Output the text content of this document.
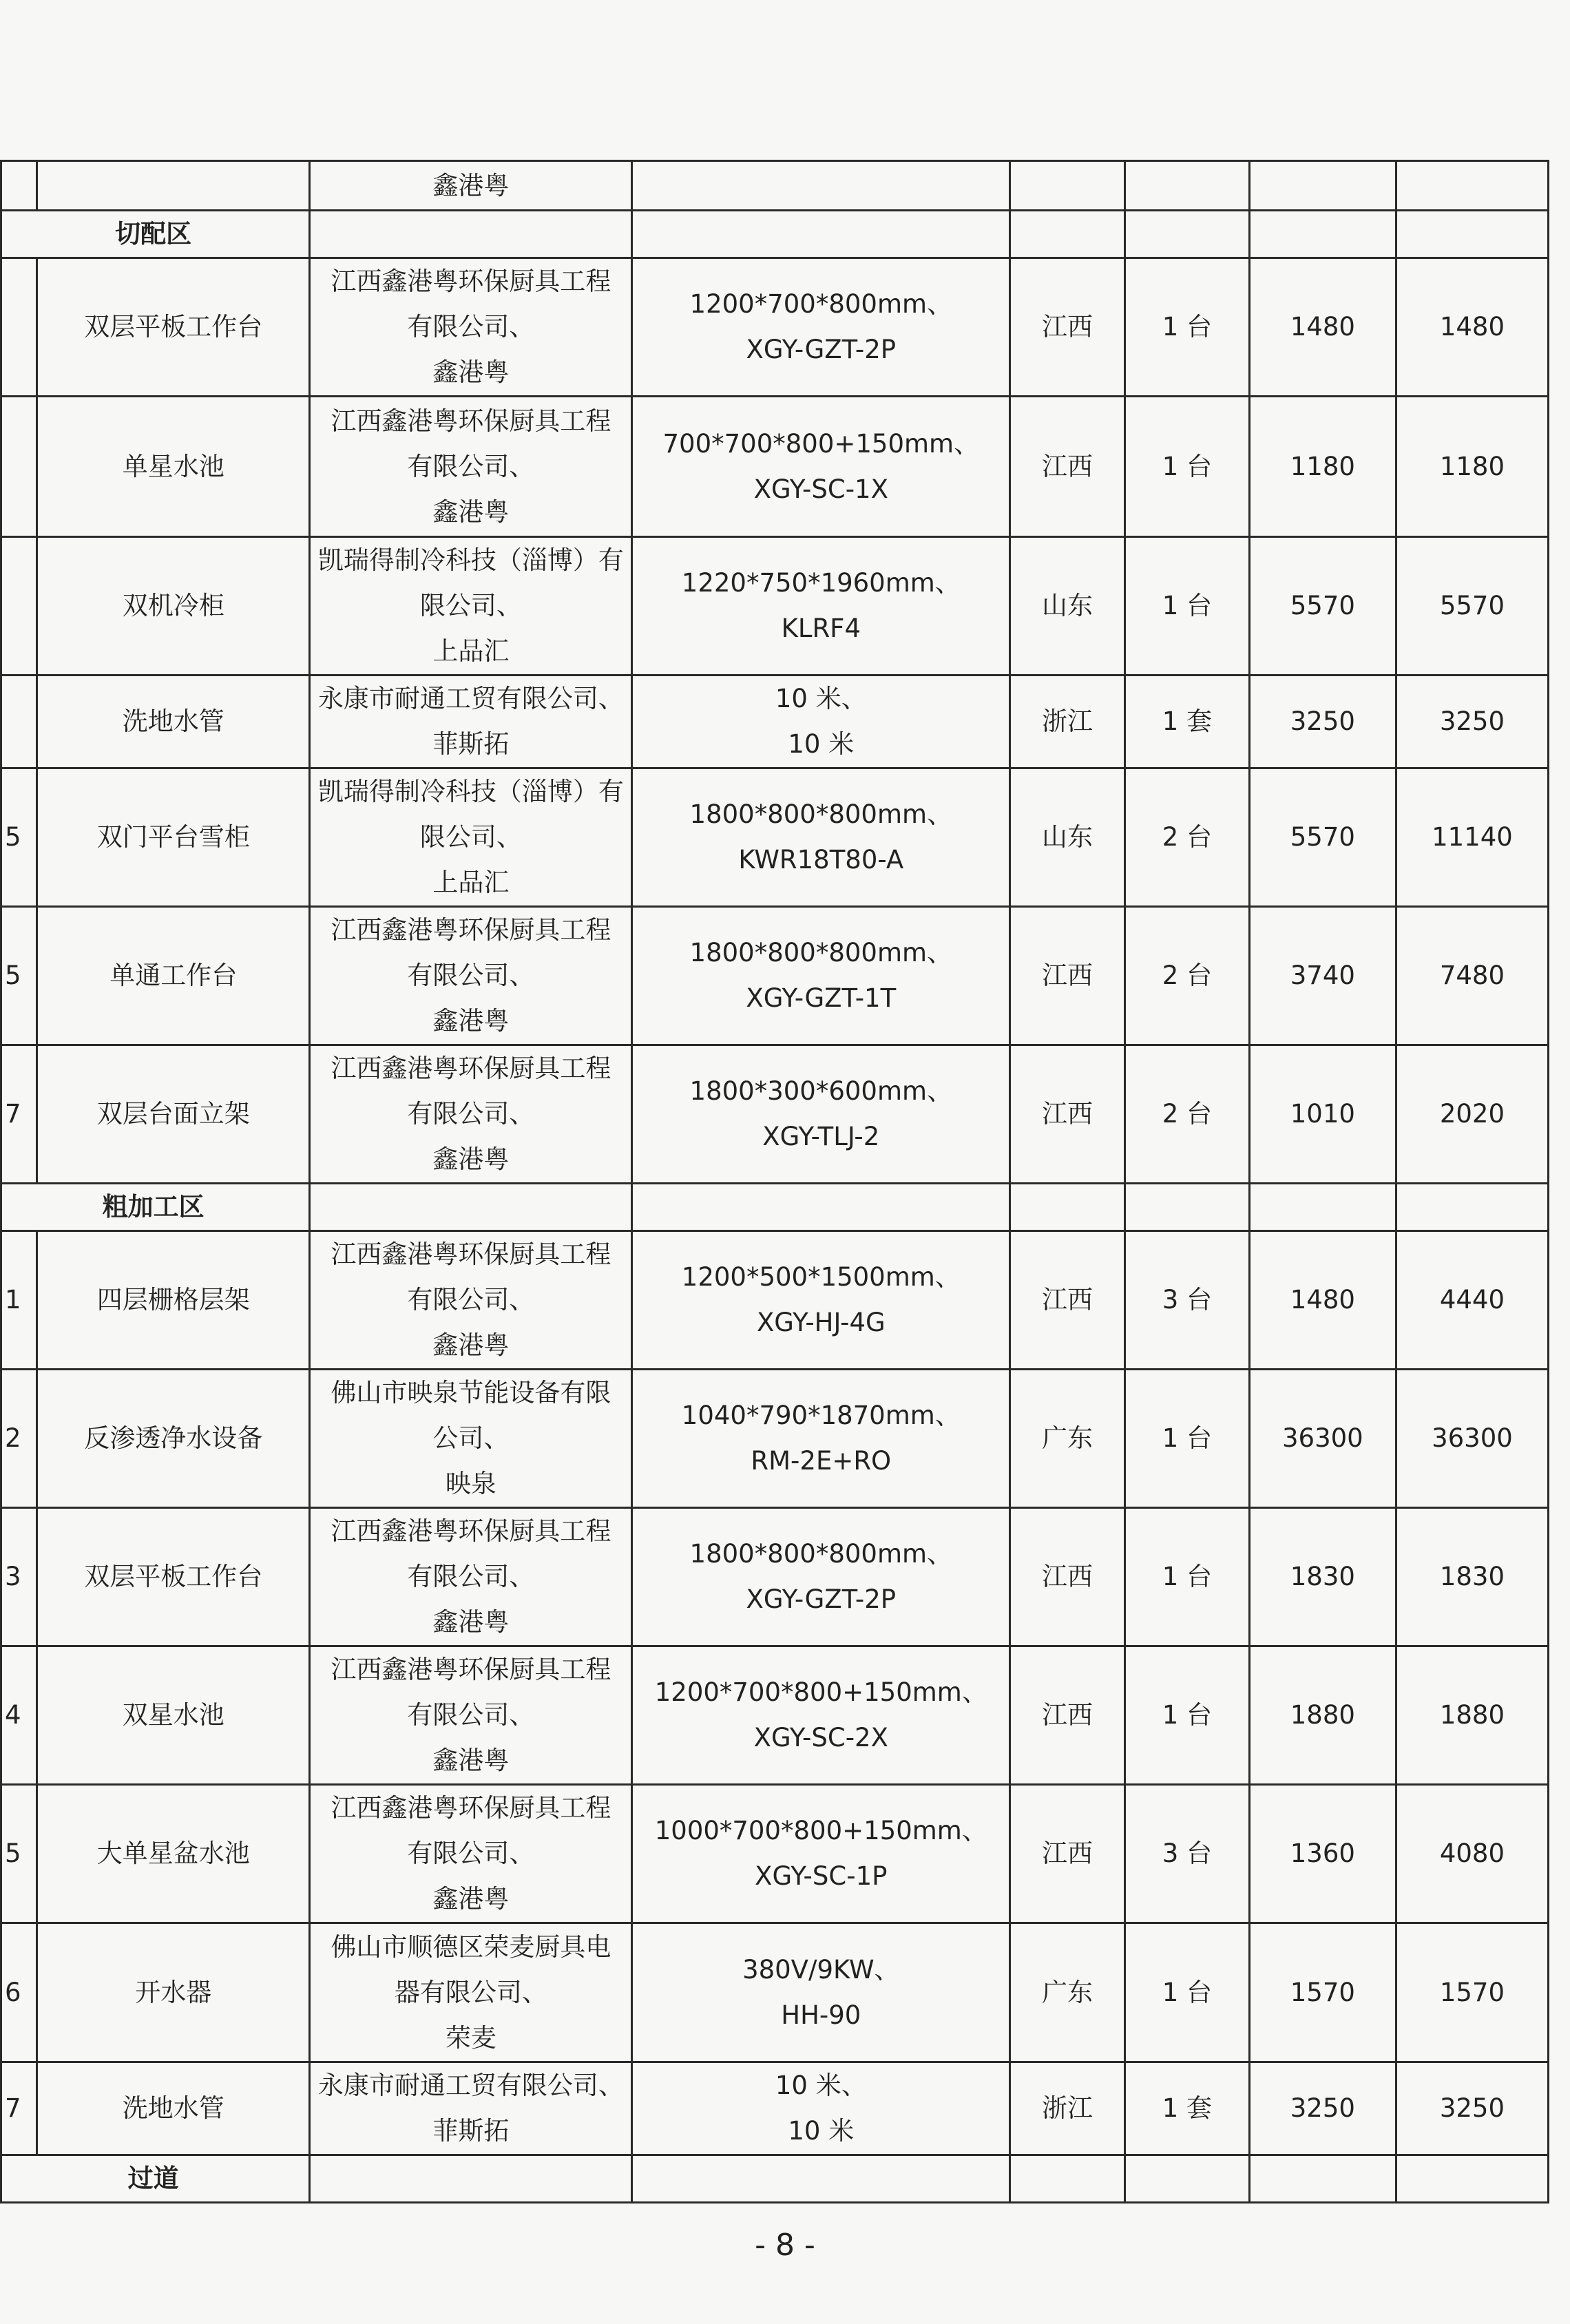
		鑫港粤					
切配区							
	双层平板工作台	江西鑫港粤环保厨具工程
有限公司、
鑫港粤	1200*700*800mm、
XGY-GZT-2P	江西	1 台	1480	1480
	单星水池	江西鑫港粤环保厨具工程
有限公司、
鑫港粤	700*700*800+150mm、
XGY-SC-1X	江西	1 台	1180	1180
	双机冷柜	凯瑞得制冷科技（淄博）有
限公司、
上品汇	1220*750*1960mm、
KLRF4	山东	1 台	5570	5570
	洗地水管	永康市耐通工贸有限公司、
菲斯拓	10 米、
10 米	浙江	1 套	3250	3250
5	双门平台雪柜	凯瑞得制冷科技（淄博）有
限公司、
上品汇	1800*800*800mm、
KWR18T80-A	山东	2 台	5570	11140
5	单通工作台	江西鑫港粤环保厨具工程
有限公司、
鑫港粤	1800*800*800mm、
XGY-GZT-1T	江西	2 台	3740	7480
7	双层台面立架	江西鑫港粤环保厨具工程
有限公司、
鑫港粤	1800*300*600mm、
XGY-TLJ-2	江西	2 台	1010	2020
粗加工区							
1	四层栅格层架	江西鑫港粤环保厨具工程
有限公司、
鑫港粤	1200*500*1500mm、
XGY-HJ-4G	江西	3 台	1480	4440
2	反渗透净水设备	佛山市映泉节能设备有限
公司、
映泉	1040*790*1870mm、
RM-2E+RO	广东	1 台	36300	36300
3	双层平板工作台	江西鑫港粤环保厨具工程
有限公司、
鑫港粤	1800*800*800mm、
XGY-GZT-2P	江西	1 台	1830	1830
4	双星水池	江西鑫港粤环保厨具工程
有限公司、
鑫港粤	1200*700*800+150mm、
XGY-SC-2X	江西	1 台	1880	1880
5	大单星盆水池	江西鑫港粤环保厨具工程
有限公司、
鑫港粤	1000*700*800+150mm、
XGY-SC-1P	江西	3 台	1360	4080
6	开水器	佛山市顺德区荣麦厨具电
器有限公司、
荣麦	380V/9KW、
HH-90	广东	1 台	1570	1570
7	洗地水管	永康市耐通工贸有限公司、
菲斯拓	10 米、
10 米	浙江	1 套	3250	3250
过道							
- 8 -
